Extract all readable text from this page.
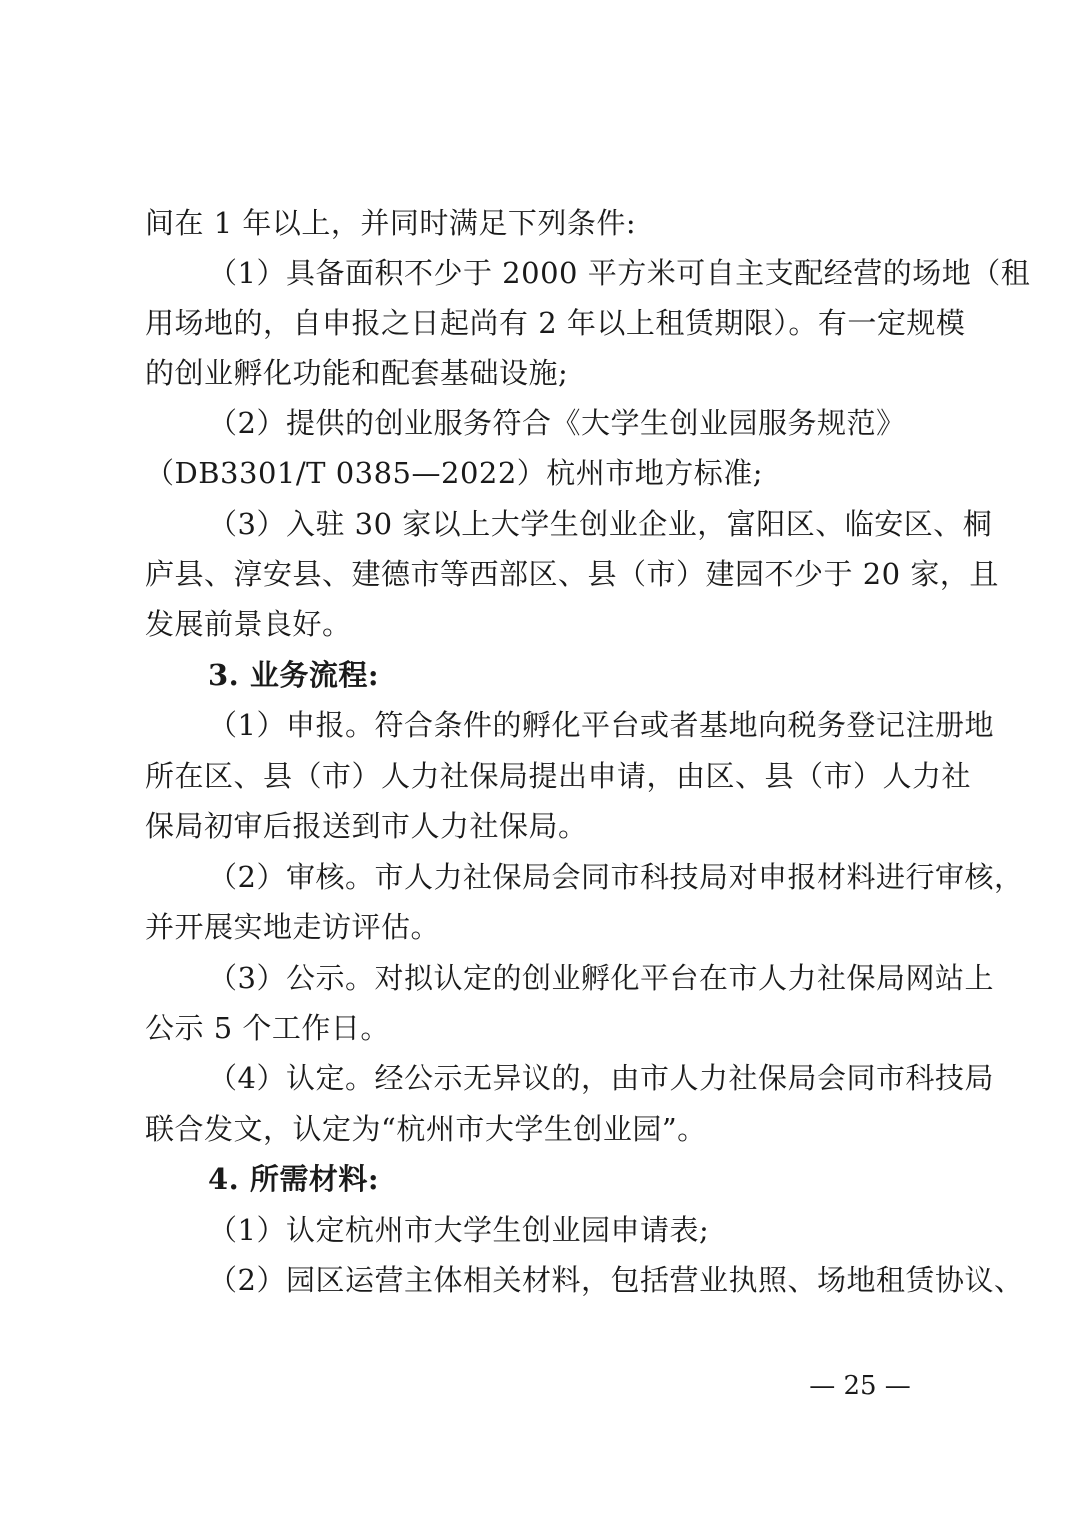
间在 1 年以上，并同时满足下列条件:
（1）具备面积不少于 2000 平方米可自主支配经营的场地（租
用场地的，自申报之日起尚有 2 年以上租赁期限）。有一定规模
的创业孵化功能和配套基础设施;
（2）提供的创业服务符合《大学生创业园服务规范》
（DB3301/T 0385—2022）杭州市地方标准;
（3）入驻 30 家以上大学生创业企业，富阳区、临安区、桐
庐县、淳安县、建德市等西部区、县（市）建园不少于 20 家，且
发展前景良好。
3. 业务流程:
（1）申报。符合条件的孵化平台或者基地向税务登记注册地
所在区、县（市）人力社保局提出申请，由区、县（市）人力社
保局初审后报送到市人力社保局。
（2）审核。市人力社保局会同市科技局对申报材料进行审核，
并开展实地走访评估。
（3）公示。对拟认定的创业孵化平台在市人力社保局网站上
公示 5 个工作日。
（4）认定。经公示无异议的，由市人力社保局会同市科技局
联合发文，认定为“杭州市大学生创业园”。
4. 所需材料:
（1）认定杭州市大学生创业园申请表;
（2）园区运营主体相关材料，包括营业执照、场地租赁协议、
— 25 —
